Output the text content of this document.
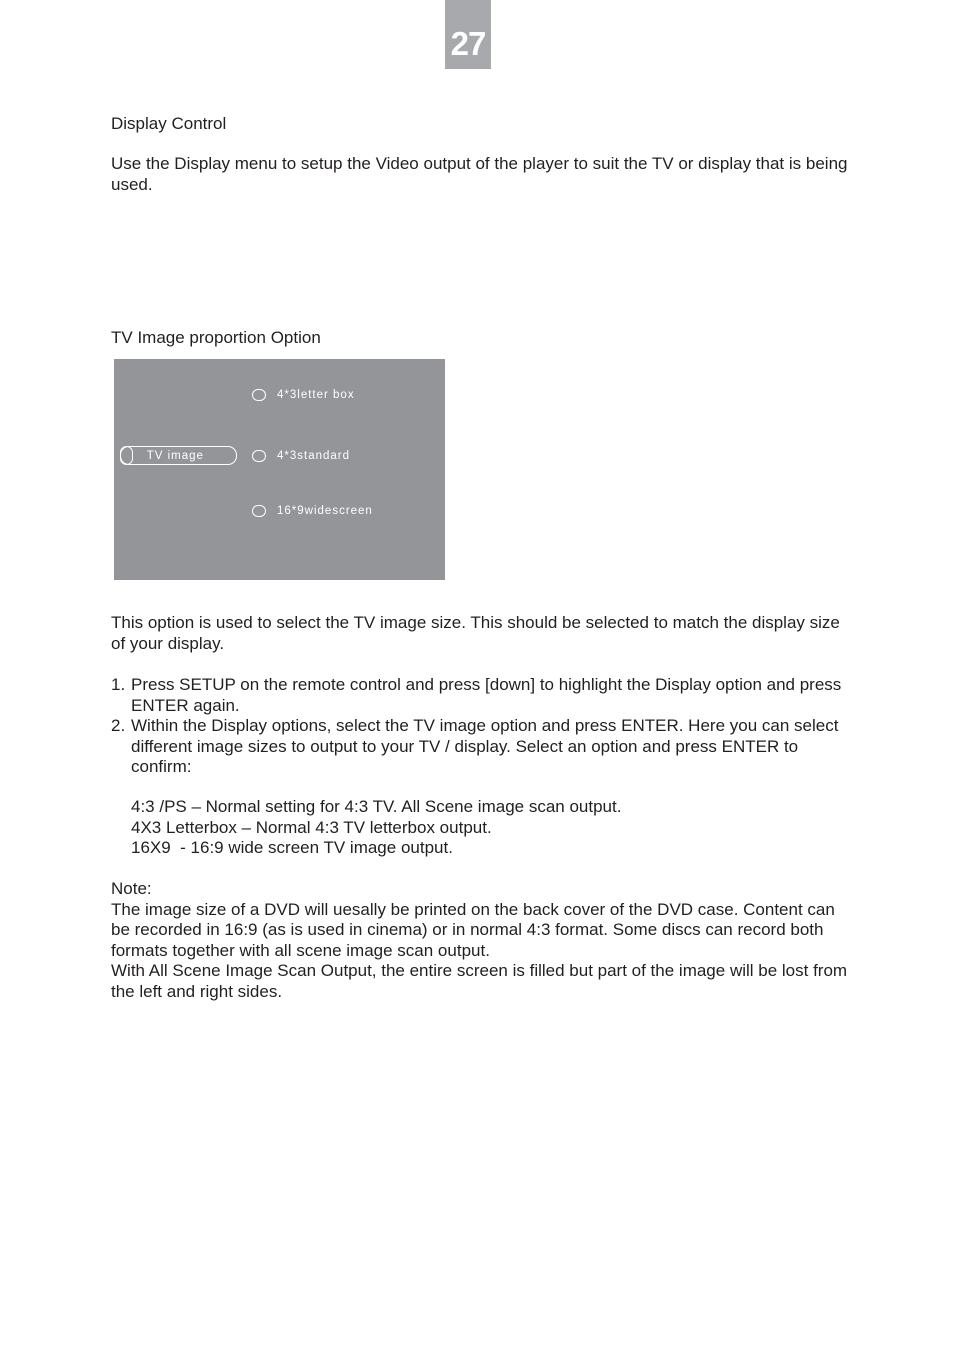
27
Display Control
Use the Display menu to setup the Video output of the player to suit the TV or display that is being used.
TV Image proportion Option
TV image
4*3letter box
4*3standard
16*9widescreen
This option is used to select the TV image size. This should be selected to match the display size of your display.
1. Press SETUP on the remote control and press [down] to highlight the Display option and press ENTER again.
2. Within the Display options, select the TV image option and press ENTER. Here you can select different image sizes to output to your TV / display. Select an option and press ENTER to confirm:
4:3 /PS – Normal setting for 4:3 TV. All Scene image scan output.
4X3 Letterbox – Normal 4:3 TV letterbox output.
16X9  - 16:9 wide screen TV image output.
Note:
The image size of a DVD will uesally be printed on the back cover of the DVD case. Content can be recorded in 16:9 (as is used in cinema) or in normal 4:3 format. Some discs can record both formats together with all scene image scan output.
With All Scene Image Scan Output, the entire screen is filled but part of the image will be lost from the left and right sides.
